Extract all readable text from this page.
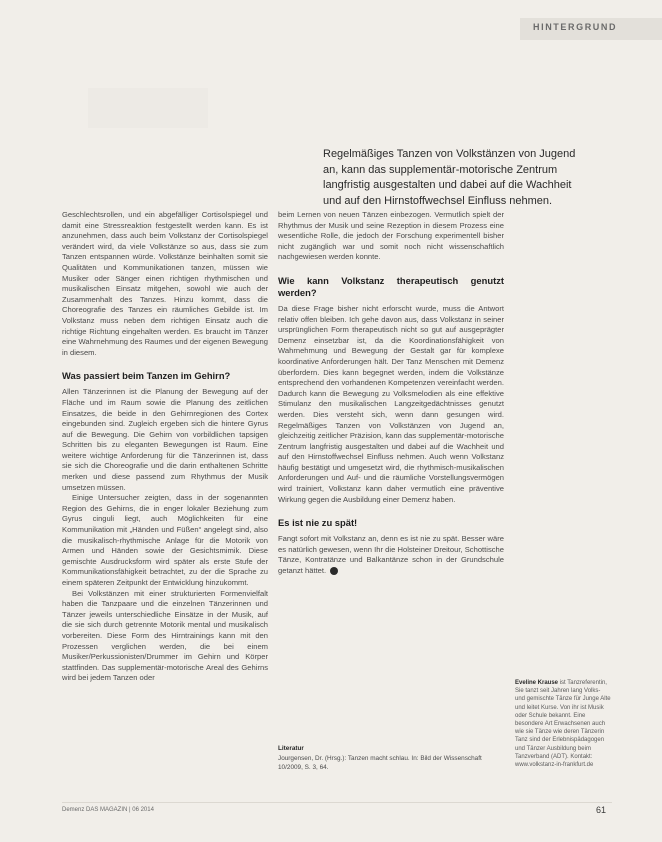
HINTERGRUND
Regelmäßiges Tanzen von Volkstänzen von Jugend an, kann das supplementär-motorische Zentrum langfristig ausgestalten und dabei auf die Wachheit und auf den Hirnstoffwechsel Einfluss nehmen.

Geschlechtsrollen, und ein abgefälliger Cortisolspiegel und damit eine Stressreaktion festgestellt werden kann. Es ist anzunehmen, dass auch beim Volkstanz der Cortisolspiegel verändert wird, da viele Volkstänze so aus, dass sie zum Tanzen entspannen würde. Volkstänze beinhalten somit sie Qualitäten und Kommunikationen tanzen, müssen wie Musiker oder Sänger einen richtigen rhythmischen und musikalischen Einsatz mitgehen, sowohl wie auch der Zusammenhalt des Tanzes. Hinzu kommt, dass die Choreografie des Tanzes ein räumliches Gebilde ist. Im Volkstanz muss neben dem richtigen Einsatz auch die richtige Richtung eingehalten werden. Es braucht im Tänzer eine Wahrnehmung des Raumes und der eigenen Bewegung in diesem.

Was passiert beim Tanzen im Gehirn?

Allen Tänzerinnen ist die Planung der Bewegung auf der Fläche und im Raum sowie die Planung des zeitlichen Einsatzes, die beide in den Gehirnregionen des Cortex eingebunden sind. Zugleich ergeben sich die hintere Gyrus auf die Bewegung. Die Gehirn von vorbildlichen tapsigen Schritten bis zu eleganten Bewegungen ist Raum. Eine weitere wichtige Anforderung für die Tänzerinnen ist, dass sie sich die Choreografie und die darin enthaltenen Schritte merken und diese passend zum Rhythmus der Musik umsetzen müssen.

Einige Untersucher zeigten, dass in der sogenannten Region des Gehirns, die in enger lokaler Beziehung zum Gyrus cinguli liegt, auch Möglichkeiten für eine Kommunikation mit „Händen und Füßen“ angelegt sind, also die musikalisch-rhythmische Anlage für die Motorik von Armen und Händen sowie der Gesichtsmimik. Diese gemischte Ausdrucksform wird später als erste Stufe der Kommunikationsfähigkeit betrachtet, zu der die Sprache zu einem späteren Zeitpunkt der Entwicklung hinzukommt.

Bei Volkstänzen mit einer strukturierten Formenvielfalt haben die Tanzpaare und die einzelnen Tänzerinnen und Tänzer jeweils unterschiedliche Einsätze in der Musik, auf die sie sich durch getrennte Motorik mental und musikalisch vorbereiten. Diese Form des Hirntrainings kann mit den Prozessen verglichen werden, die bei einem Musiker/Perkussionisten/Drummer im Gehirn und Körper stattfinden. Das supplementär-motorische Areal des Gehirns wird bei jedem Tanzen oder

beim Lernen von neuen Tänzen einbezogen. Vermutlich spielt der Rhythmus der Musik und seine Rezeption in diesem Prozess eine wesentliche Rolle, die jedoch der Forschung experimentell bisher nicht zugänglich war und somit noch nicht wissenschaftlich nachgewiesen werden konnte.

Wie kann Volkstanz therapeutisch genutzt werden?

Da diese Frage bisher nicht erforscht wurde, muss die Antwort relativ offen bleiben. Ich gehe davon aus, dass Volkstanz in seiner ursprünglichen Form therapeutisch nicht so gut auf ausgeprägter Demenz einsetzbar ist, da die Koordinationsfähigkeit von Wahrnehmung und Bewegung der Gestalt gar für komplexe koordinative Anforderungen hält. Der Tanz Menschen mit Demenz überfordern. Dies kann begegnet werden, indem die Volkstänze entsprechend den vorhandenen Kompetenzen vereinfacht werden. Dadurch kann die Bewegung zu Volksmelodien als eine effektive Stimulanz den musikalischen Langzeitgedächtnisses genutzt werden. Dies versteht sich, wenn dann gesungen wird. Regelmäßiges Tanzen von Volkstänzen von Jugend an, gleichzeitig zeitlicher Präzision, kann das supplementär-motorische Zentrum langfristig ausgestalten und dabei auf die Wachheit und auf den Hirnstoffwechsel Einfluss nehmen. Auch wenn Volkstanz häufig bestätigt und umgesetzt wird, die rhythmisch-musikalischen Anforderungen und Auf- und die räumliche Vorstellungsvermögen wird trainiert, Volkstanz kann daher vermutlich eine präventive Wirkung gegen die Ausbildung einer Demenz haben.

Es ist nie zu spät!

Fangt sofort mit Volkstanz an, denn es ist nie zu spät. Besser wäre es natürlich gewesen, wenn Ihr die Holsteiner Dreitour, Schottische Tänze, Kontratänze und Balkantänze schon in der Grundschule getanzt hättet.

Literatur
Jourgensen, Dr. (Hrsg.): Tanzen macht schlau. In: Bild der Wissenschaft 10/2009, S. 3, 64.
Eveline Krause ist Tanzreferentin, Sie tanzt seit Jahren lang Volks- und gemischte Tänze für Junge Alte und leitet Kurse. Von ihr ist Musik oder Schule bekannt. Eine besondere Art Erwachsenen auch wie sie Tänze wie deren Tänzerin Tanz sind der Erlebnispädagogen und Tänzer Ausbildung beim Tanzverband (ADT). Kontakt: www.volkstanz-in-frankfurt.de
Demenz DAS MAGAZIN | 06 2014	61
